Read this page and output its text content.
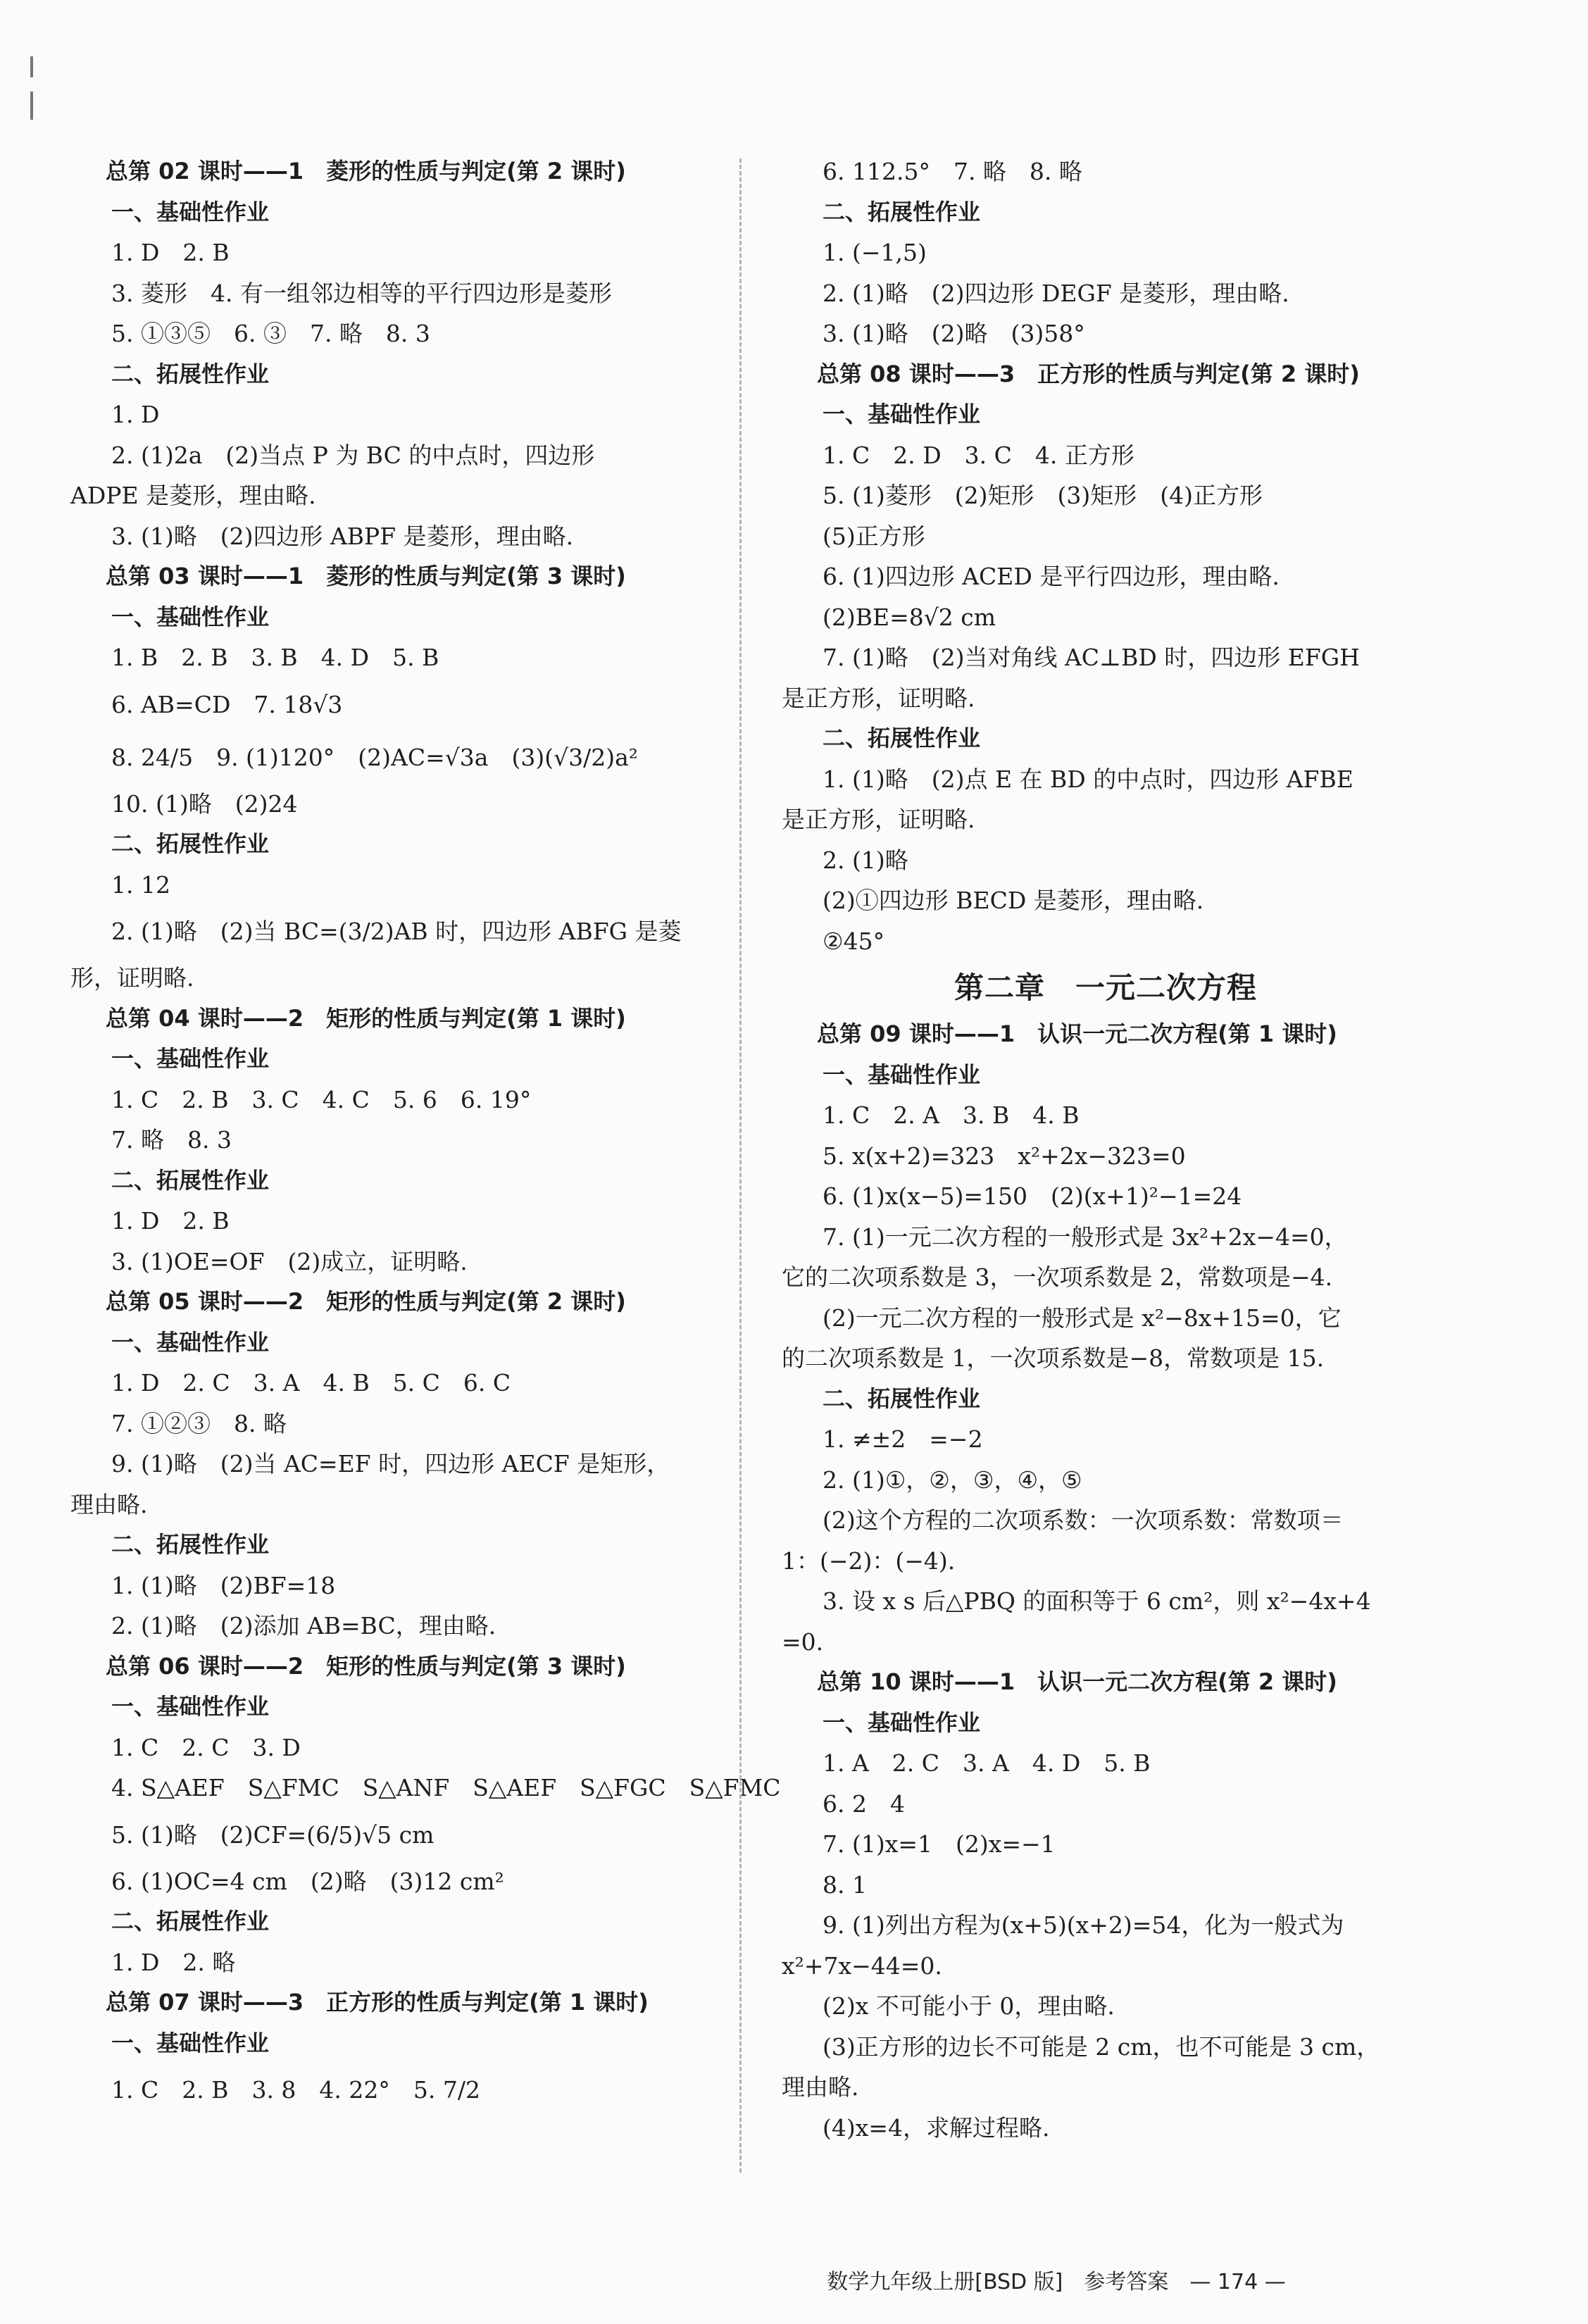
总第 02 课时——1　菱形的性质与判定(第 2 课时)
一、基础性作业
1. D　2. B
3. 菱形　4. 有一组邻边相等的平行四边形是菱形
5. ①③⑤　6. ③　7. 略　8. 3
二、拓展性作业
1. D
2. (1)2a　(2)当点 P 为 BC 的中点时，四边形
ADPE 是菱形，理由略.
3. (1)略　(2)四边形 ABPF 是菱形，理由略.
总第 03 课时——1　菱形的性质与判定(第 3 课时)
一、基础性作业
1. B　2. B　3. B　4. D　5. B
6. AB=CD　7. 18√3
8. 24/5　9. (1)120°　(2)AC=√3a　(3)(√3/2)a²
10. (1)略　(2)24
二、拓展性作业
1. 12
2. (1)略　(2)当 BC=(3/2)AB 时，四边形 ABFG 是菱
形，证明略.
总第 04 课时——2　矩形的性质与判定(第 1 课时)
一、基础性作业
1. C　2. B　3. C　4. C　5. 6　6. 19°
7. 略　8. 3
二、拓展性作业
1. D　2. B
3. (1)OE=OF　(2)成立，证明略.
总第 05 课时——2　矩形的性质与判定(第 2 课时)
一、基础性作业
1. D　2. C　3. A　4. B　5. C　6. C
7. ①②③　8. 略
9. (1)略　(2)当 AC=EF 时，四边形 AECF 是矩形，
理由略.
二、拓展性作业
1. (1)略　(2)BF=18
2. (1)略　(2)添加 AB=BC，理由略.
总第 06 课时——2　矩形的性质与判定(第 3 课时)
一、基础性作业
1. C　2. C　3. D
4. S△AEF　S△FMC　S△ANF　S△AEF　S△FGC　S△FMC
5. (1)略　(2)CF=(6/5)√5 cm
6. (1)OC=4 cm　(2)略　(3)12 cm²
二、拓展性作业
1. D　2. 略
总第 07 课时——3　正方形的性质与判定(第 1 课时)
一、基础性作业
1. C　2. B　3. 8　4. 22°　5. 7/2
6. 112.5°　7. 略　8. 略
二、拓展性作业
1. (−1,5)
2. (1)略　(2)四边形 DEGF 是菱形，理由略.
3. (1)略　(2)略　(3)58°
总第 08 课时——3　正方形的性质与判定(第 2 课时)
一、基础性作业
1. C　2. D　3. C　4. 正方形
5. (1)菱形　(2)矩形　(3)矩形　(4)正方形
(5)正方形
6. (1)四边形 ACED 是平行四边形，理由略.
(2)BE=8√2 cm
7. (1)略　(2)当对角线 AC⊥BD 时，四边形 EFGH
是正方形，证明略.
二、拓展性作业
1. (1)略　(2)点 E 在 BD 的中点时，四边形 AFBE
是正方形，证明略.
2. (1)略
(2)①四边形 BECD 是菱形，理由略.
②45°
第二章　一元二次方程
总第 09 课时——1　认识一元二次方程(第 1 课时)
一、基础性作业
1. C　2. A　3. B　4. B
5. x(x+2)=323　x²+2x−323=0
6. (1)x(x−5)=150　(2)(x+1)²−1=24
7. (1)一元二次方程的一般形式是 3x²+2x−4=0，
它的二次项系数是 3，一次项系数是 2，常数项是−4.
(2)一元二次方程的一般形式是 x²−8x+15=0，它
的二次项系数是 1，一次项系数是−8，常数项是 15.
二、拓展性作业
1. ≠±2　=−2
2. (1)①，②，③，④，⑤
(2)这个方程的二次项系数：一次项系数：常数项＝
1：(−2)：(−4).
3. 设 x s 后△PBQ 的面积等于 6 cm²，则 x²−4x+4
=0.
总第 10 课时——1　认识一元二次方程(第 2 课时)
一、基础性作业
1. A　2. C　3. A　4. D　5. B
6. 2　4
7. (1)x=1　(2)x=−1
8. 1
9. (1)列出方程为(x+5)(x+2)=54，化为一般式为
x²+7x−44=0.
(2)x 不可能小于 0，理由略.
(3)正方形的边长不可能是 2 cm，也不可能是 3 cm，
理由略.
(4)x=4，求解过程略.
数学九年级上册[BSD 版]　参考答案　— 174 —
